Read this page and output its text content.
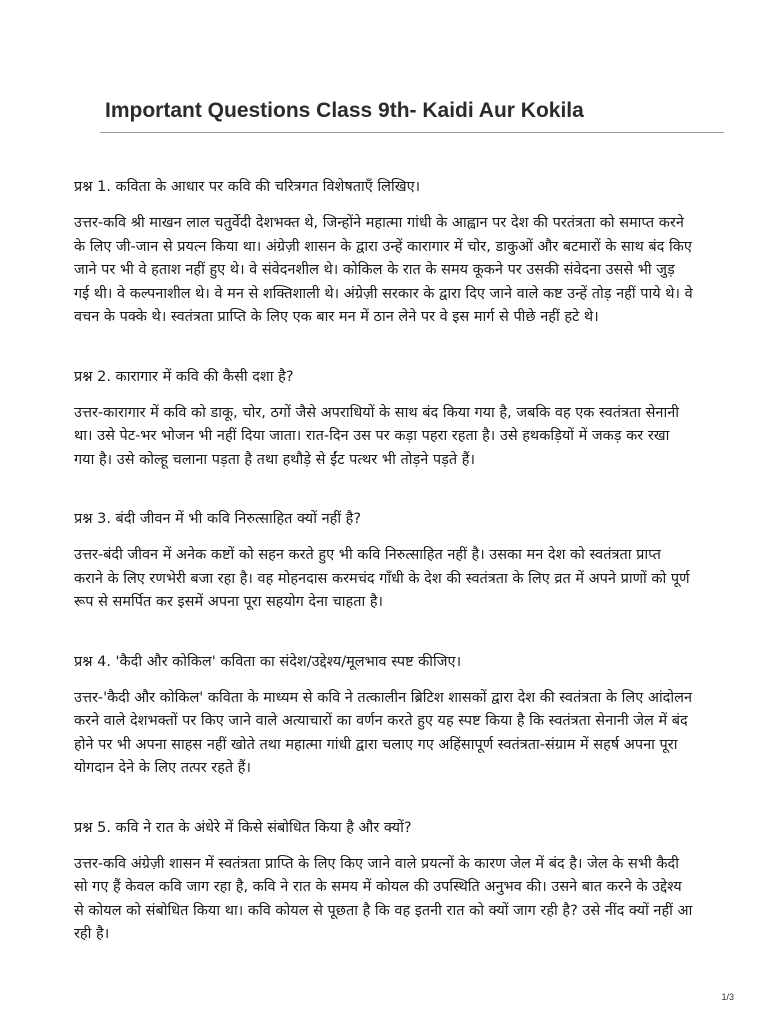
Important Questions Class 9th- Kaidi Aur Kokila

प्रश्न 1. कविता के आधार पर कवि की चरित्रगत विशेषताएँ लिखिए।

उत्तर-कवि श्री माखन लाल चतुर्वेदी देशभक्त थे, जिन्होंने महात्मा गांधी के आह्वान पर देश की परतंत्रता को समाप्त करने के लिए जी-जान से प्रयत्न किया था। अंग्रेज़ी शासन के द्वारा उन्हें कारागार में चोर, डाकुओं और बटमारों के साथ बंद किए जाने पर भी वे हताश नहीं हुए थे। वे संवेदनशील थे। कोकिल के रात के समय कूकने पर उसकी संवेदना उससे भी जुड़ गई थी। वे कल्पनाशील थे। वे मन से शक्तिशाली थे। अंग्रेज़ी सरकार के द्वारा दिए जाने वाले कष्ट उन्हें तोड़ नहीं पाये थे। वे वचन के पक्के थे। स्वतंत्रता प्राप्ति के लिए एक बार मन में ठान लेने पर वे इस मार्ग से पीछे नहीं हटे थे।

प्रश्न 2. कारागार में कवि की कैसी दशा है?

उत्तर-कारागार में कवि को डाकू, चोर, ठगों जैसे अपराधियों के साथ बंद किया गया है, जबकि वह एक स्वतंत्रता सेनानी था। उसे पेट-भर भोजन भी नहीं दिया जाता। रात-दिन उस पर कड़ा पहरा रहता है। उसे हथकड़ियों में जकड़ कर रखा गया है। उसे कोल्हू चलाना पड़ता है तथा हथौड़े से ईंट पत्थर भी तोड़ने पड़ते हैं।

प्रश्न 3. बंदी जीवन में भी कवि निरुत्साहित क्यों नहीं है?

उत्तर-बंदी जीवन में अनेक कष्टों को सहन करते हुए भी कवि निरुत्साहित नहीं है। उसका मन देश को स्वतंत्रता प्राप्त कराने के लिए रणभेरी बजा रहा है। वह मोहनदास करमचंद गाँधी के देश की स्वतंत्रता के लिए व्रत में अपने प्राणों को पूर्ण रूप से समर्पित कर इसमें अपना पूरा सहयोग देना चाहता है।

प्रश्न 4. 'कैदी और कोकिल' कविता का संदेश/उद्देश्य/मूलभाव स्पष्ट कीजिए।

उत्तर-'कैदी और कोकिल' कविता के माध्यम से कवि ने तत्कालीन ब्रिटिश शासकों द्वारा देश की स्वतंत्रता के लिए आंदोलन करने वाले देशभक्तों पर किए जाने वाले अत्याचारों का वर्णन करते हुए यह स्पष्ट किया है कि स्वतंत्रता सेनानी जेल में बंद होने पर भी अपना साहस नहीं खोते तथा महात्मा गांधी द्वारा चलाए गए अहिंसापूर्ण स्वतंत्रता-संग्राम में सहर्ष अपना पूरा योगदान देने के लिए तत्पर रहते हैं।

प्रश्न 5. कवि ने रात के अंधेरे में किसे संबोधित किया है और क्यों?

उत्तर-कवि अंग्रेज़ी शासन में स्वतंत्रता प्राप्ति के लिए किए जाने वाले प्रयत्नों के कारण जेल में बंद है। जेल के सभी कैदी सो गए हैं केवल कवि जाग रहा है, कवि ने रात के समय में कोयल की उपस्थिति अनुभव की। उसने बात करने के उद्देश्य से कोयल को संबोधित किया था। कवि कोयल से पूछता है कि वह इतनी रात को क्यों जाग रही है? उसे नींद क्यों नहीं आ रही है।

1/3
